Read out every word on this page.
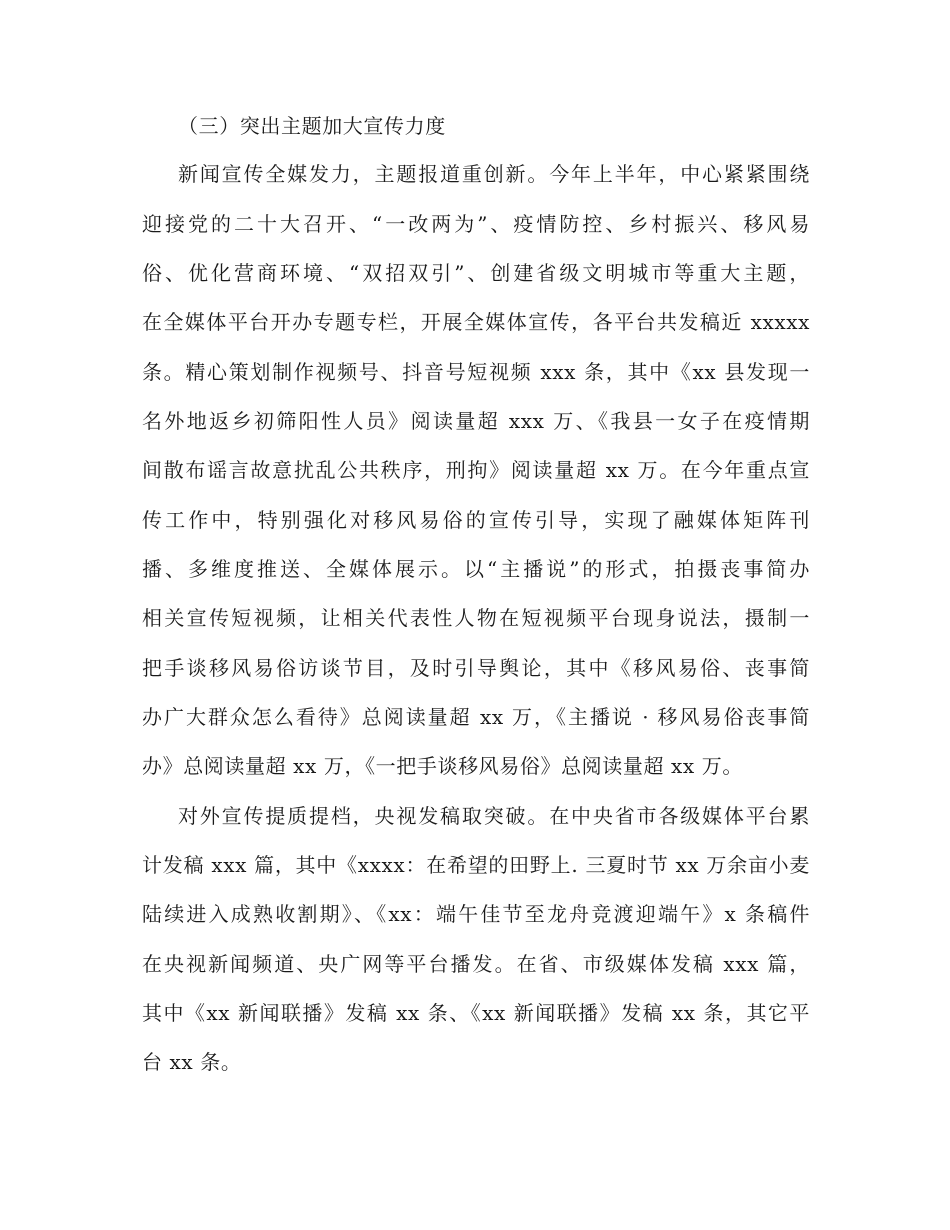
（三）突出主题加大宣传力度
新闻宣传全媒发力，主题报道重创新。今年上半年，中心紧紧围绕
迎接党的二十大召开、“一改两为”、疫情防控、乡村振兴、移风易
俗、优化营商环境、“双招双引”、创建省级文明城市等重大主题，
在全媒体平台开办专题专栏，开展全媒体宣传，各平台共发稿近 xxxxx
条。精心策划制作视频号、抖音号短视频 xxx 条，其中《xx 县发现一
名外地返乡初筛阳性人员》阅读量超 xxx 万、《我县一女子在疫情期
间散布谣言故意扰乱公共秩序，刑拘》阅读量超 xx 万。在今年重点宣
传工作中，特别强化对移风易俗的宣传引导，实现了融媒体矩阵刊
播、多维度推送、全媒体展示。以“主播说”的形式，拍摄丧事简办
相关宣传短视频，让相关代表性人物在短视频平台现身说法，摄制一
把手谈移风易俗访谈节目，及时引导舆论，其中《移风易俗、丧事简
办广大群众怎么看待》总阅读量超 xx 万，《主播说 · 移风易俗丧事简
办》总阅读量超 xx 万，《一把手谈移风易俗》总阅读量超 xx 万。
对外宣传提质提档，央视发稿取突破。在中央省市各级媒体平台累
计发稿 xxx 篇，其中《xxxx：在希望的田野上. 三夏时节 xx 万余亩小麦
陆续进入成熟收割期》、《xx：端午佳节至龙舟竞渡迎端午》x 条稿件
在央视新闻频道、央广网等平台播发。在省、市级媒体发稿 xxx 篇，
其中《xx 新闻联播》发稿 xx 条、《xx 新闻联播》发稿 xx 条，其它平
台 xx 条。
